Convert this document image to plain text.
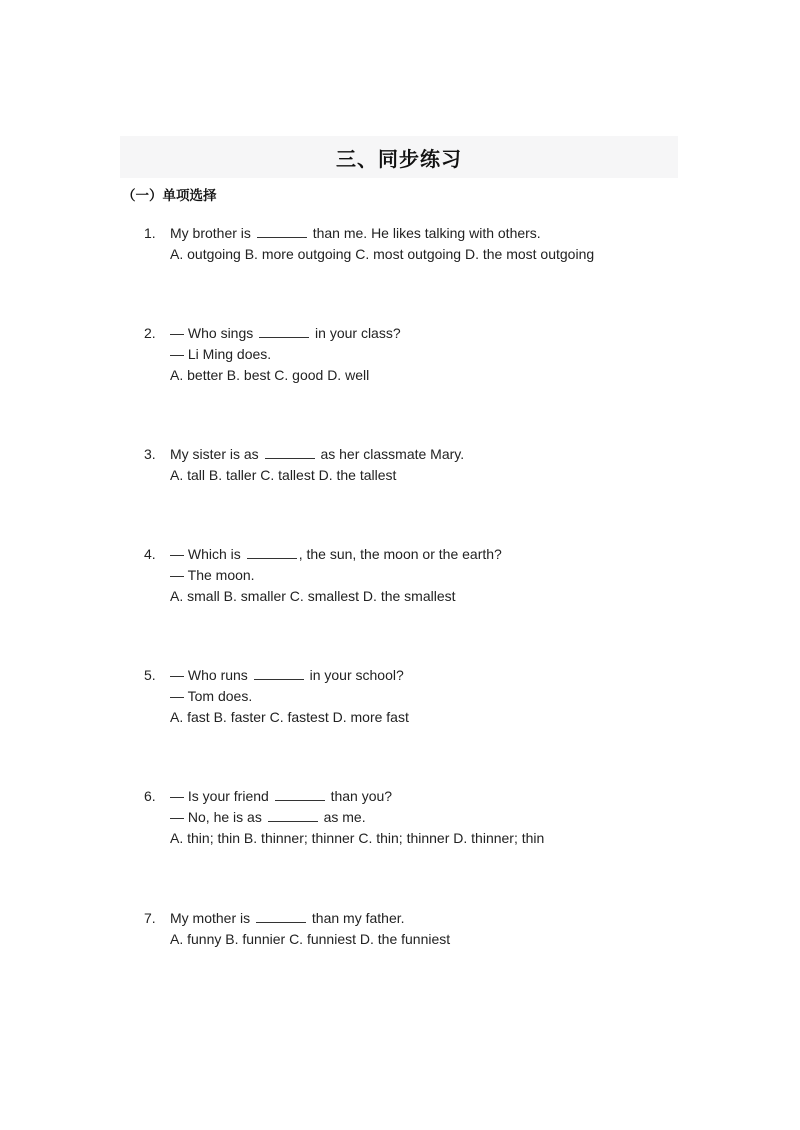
三、同步练习
（一）单项选择
1.	My brother is	than me. He likes talking with others.
A. outgoing B. more outgoing C. most outgoing D. the most outgoing
2.	— Who sings	in your class?
— Li Ming does.
A. better B. best C. good D. well
3.	My sister is as	as her classmate Mary.
A. tall B. taller C. tallest D. the tallest
4.	— Which is	, the sun, the moon or the earth?
— The moon.
A. small B. smaller C. smallest D. the smallest
5.	— Who runs	in your school?
— Tom does.
A. fast B. faster C. fastest D. more fast
6.	— Is your friend	than you?
— No, he is as	as me.
A. thin; thin B. thinner; thinner C. thin; thinner D. thinner; thin
7.	My mother is	than my father.
A. funny B. funnier C. funniest D. the funniest
